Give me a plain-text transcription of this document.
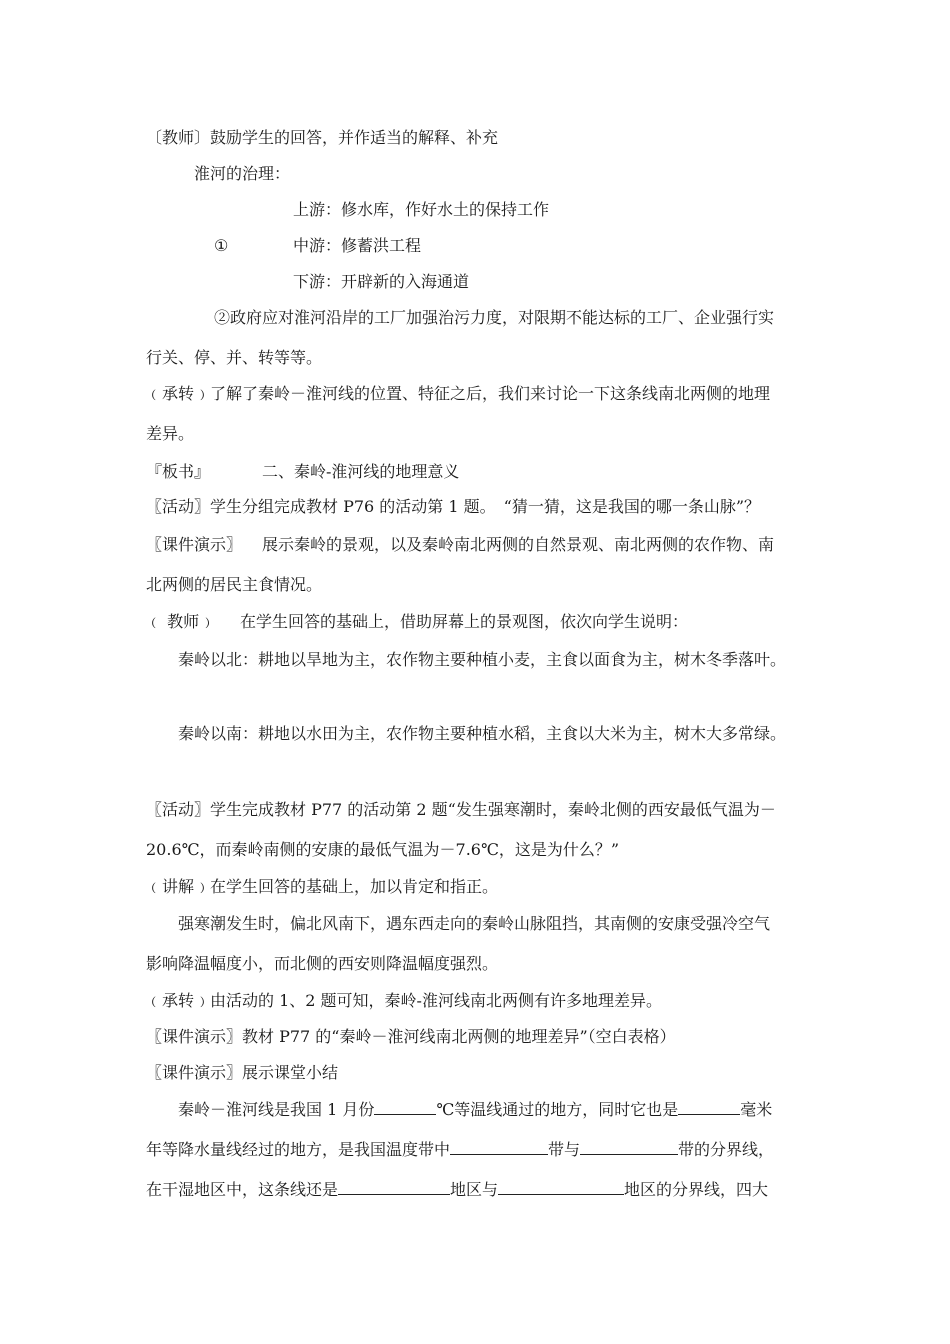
〔教师〕鼓励学生的回答，并作适当的解释、补充
淮河的治理：
上游：修水库，作好水土的保持工作
①	中游：修蓄洪工程
下游：开辟新的入海通道
②政府应对淮河沿岸的工厂加强治污力度，对限期不能达标的工厂、企业强行实
行关、停、并、转等等。
﹙承转﹚了解了秦岭－淮河线的位置、特征之后，我们来讨论一下这条线南北两侧的地理
差异。
『板书』	二、秦岭-淮河线的地理意义
〖活动〗学生分组完成教材 P76 的活动第 1 题。　“猜一猜，这是我国的哪一条山脉”？
〖课件演示〗 展示秦岭的景观，以及秦岭南北两侧的自然景观、南北两侧的农作物、南
北两侧的居民主食情况。
﹙ 教师﹚ 在学生回答的基础上，借助屏幕上的景观图，依次向学生说明：
秦岭以北：耕地以旱地为主，农作物主要种植小麦，主食以面食为主，树木冬季落叶。
秦岭以南：耕地以水田为主，农作物主要种植水稻，主食以大米为主，树木大多常绿。
〖活动〗学生完成教材 P77 的活动第 2 题“发生强寒潮时，秦岭北侧的西安最低气温为－
20.6℃，而秦岭南侧的安康的最低气温为－7.6℃，这是为什么？”
﹙讲解﹚在学生回答的基础上，加以肯定和指正。
强寒潮发生时，偏北风南下，遇东西走向的秦岭山脉阻挡，其南侧的安康受强冷空气
影响降温幅度小，而北侧的西安则降温幅度强烈。
﹙承转﹚由活动的 1、2 题可知，秦岭-淮河线南北两侧有许多地理差异。
〖课件演示〗教材 P77 的“秦岭－淮河线南北两侧的地理差异”（空白表格）
〖课件演示〗展示课堂小结
秦岭－淮河线是我国 1 月份	℃等温线通过的地方，同时它也是	毫米
年等降水量线经过的地方，是我国温度带中	带与	带的分界线，
在干湿地区中，这条线还是	地区与	地区的分界线，四大
